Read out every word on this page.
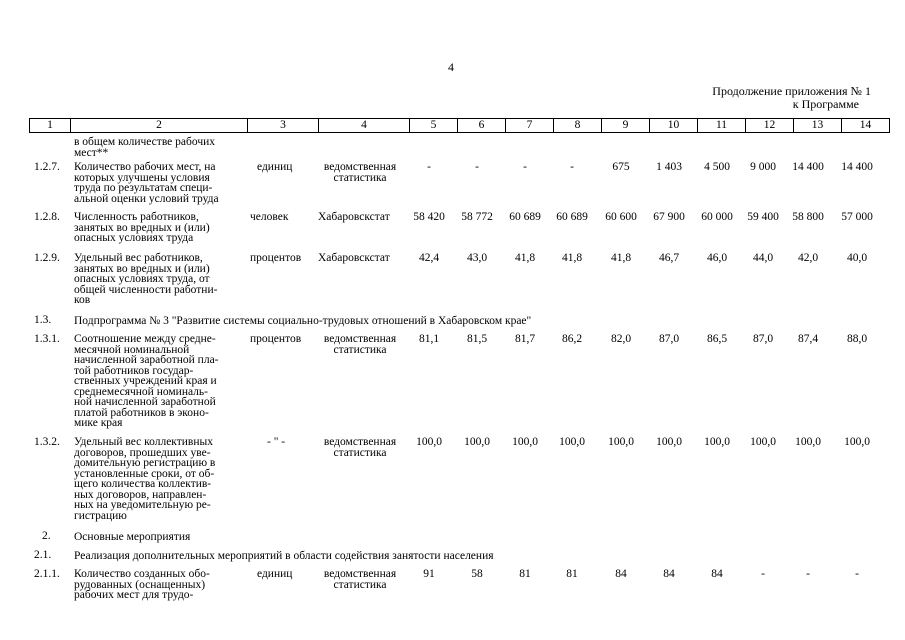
4
Продолжение приложения № 1
к Программе
1	2	3	4	5	6	7	8	9	10	11	12	13	14
в общем количестве рабочих
мест**
1.2.7. Количество рабочих мест, на
которых улучшены условия
труда по результатам специ-
альной оценки условий труда
единиц	ведомственная
статистика
-	-	-	-	675	1 403	4 500	9 000	14 400	14 400
1.2.8. Численность работников,
занятых во вредных и (или)
опасных условиях труда
человек	Хабаровскстат	58 420	58 772	60 689	60 689	60 600	67 900	60 000	59 400	58 800	57 000
1.2.9. Удельный вес работников,
занятых во вредных и (или)
опасных условиях труда, от
общей численности работни-
ков
процентов Хабаровскстат	42,4	43,0	41,8	41,8	41,8	46,7	46,0	44,0	42,0	40,0
1.3. Подпрограмма № 3 "Развитие системы социально-трудовых отношений в Хабаровском крае"
1.3.1. Соотношение между средне-
месячной номинальной
начисленной заработной пла-
той работников государ-
ственных учреждений края и
среднемесячной номиналь-
ной начисленной заработной
платой работников в эконо-
мике края
процентов	ведомственная
статистика
81,1	81,5	81,7	86,2	82,0	87,0	86,5	87,0	87,4	88,0
1.3.2. Удельный вес коллективных
договоров, прошедших уве-
домительную регистрацию в
установленные сроки, от об-
щего количества коллектив-
ных договоров, направлен-
ных на уведомительную ре-
гистрацию
- " -	ведомственная
статистика
100,0	100,0	100,0	100,0	100,0	100,0	100,0	100,0	100,0	100,0
2. Основные мероприятия
2.1. Реализация дополнительных мероприятий в области содействия занятости населения
2.1.1. Количество созданных обо-
рудованных (оснащенных)
рабочих мест для трудо-
единиц	ведомственная
статистика
91	58	81	81	84	84	84	-	-	-
